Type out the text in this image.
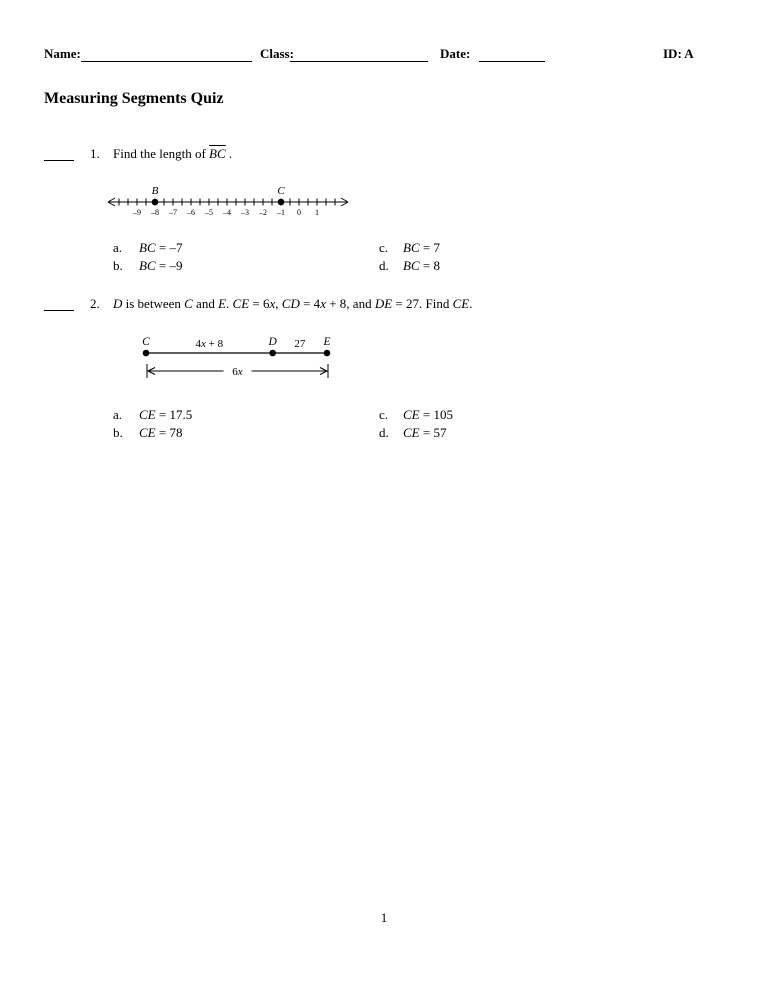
Name:	Class:	Date:	ID: A
Measuring Segments Quiz
1. Find the length of $\overline{BC}$ .
–9 –8 –7 –6 –5 –4 –3 –2 –1 0 1
B	C
a. BC = –7
b. BC = –9
c. BC = 7
d. BC = 8
2. D is between C and E. CE = 6x, CD = 4x + 8, and DE = 27. Find CE.
C	D	E
4x + 8	27
6x
a. CE = 17.5
b. CE = 78
c. CE = 105
d. CE = 57
1
